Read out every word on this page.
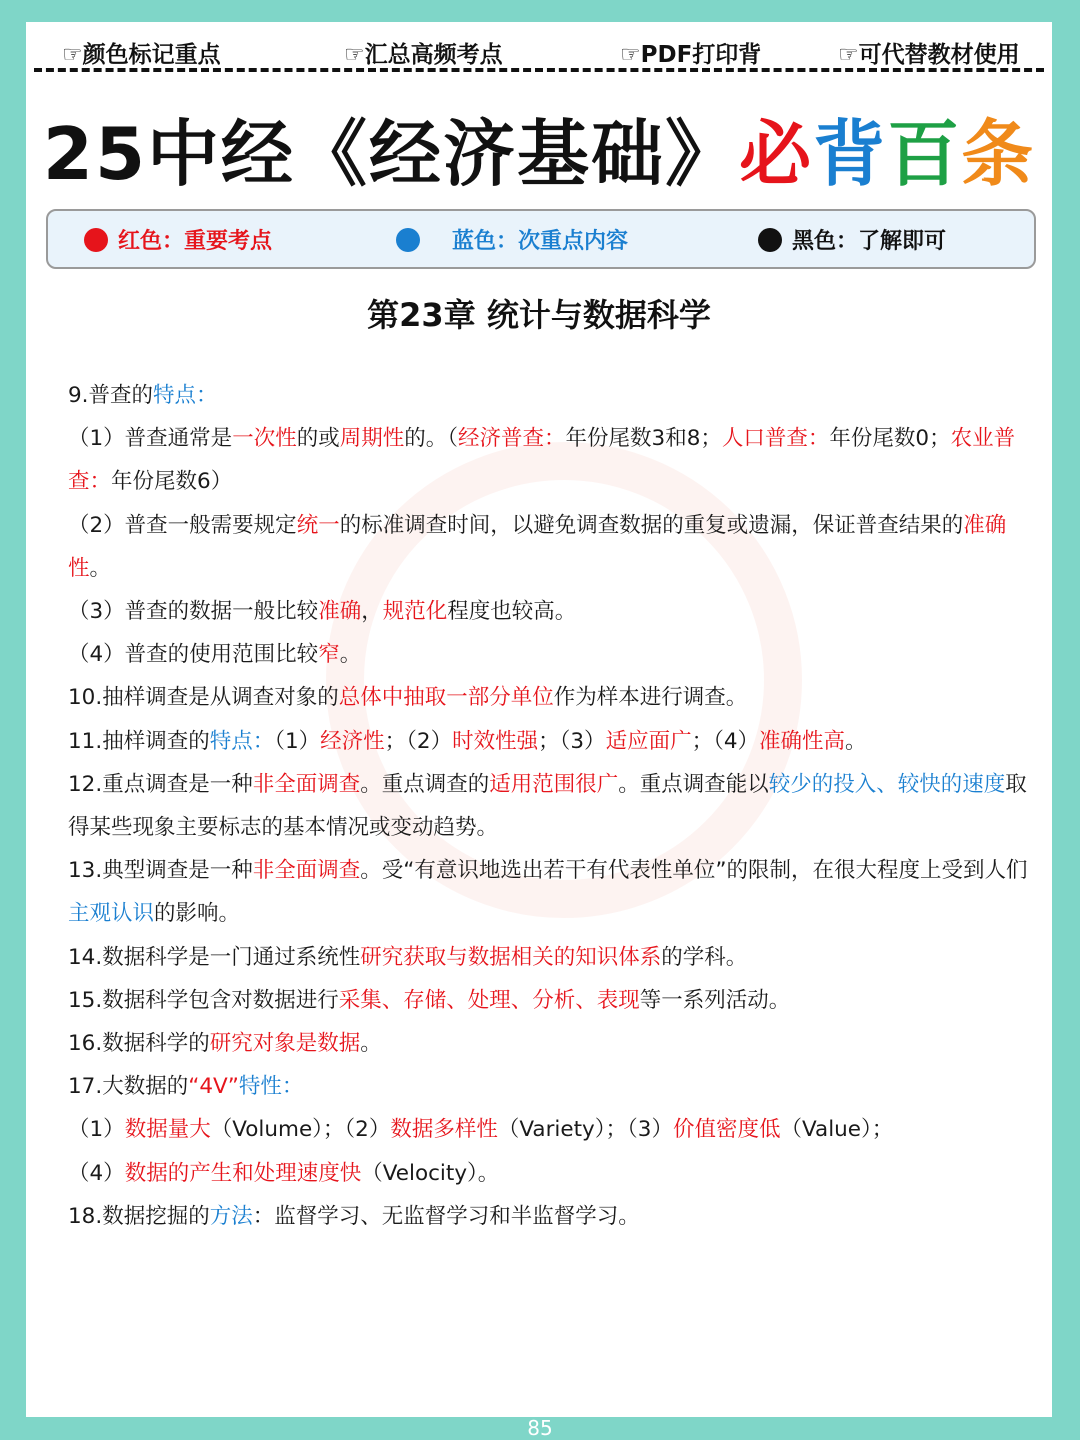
☞颜色标记重点	☞汇总高频考点	☞PDF打印背	☞可代替教材使用
25中经《经济基础》必背百条
红色：重要考点	蓝色：次重点内容	黑色：了解即可
第23章 统计与数据科学

9.普查的特点：

（1）普查通常是一次性的或周期性的。（经济普查：年份尾数3和8；人口普查：年份尾数0；农业普查：年份尾数6）

（2）普查一般需要规定统一的标准调查时间，以避免调查数据的重复或遗漏，保证普查结果的准确性。

（3）普查的数据一般比较准确，规范化程度也较高。

（4）普查的使用范围比较窄。

10.抽样调查是从调查对象的总体中抽取一部分单位作为样本进行调查。

11.抽样调查的特点：（1）经济性；（2）时效性强；（3）适应面广；（4）准确性高。

12.重点调查是一种非全面调查。重点调查的适用范围很广。重点调查能以较少的投入、较快的速度取得某些现象主要标志的基本情况或变动趋势。

13.典型调查是一种非全面调查。受“有意识地选出若干有代表性单位”的限制，在很大程度上受到人们主观认识的影响。

14.数据科学是一门通过系统性研究获取与数据相关的知识体系的学科。

15.数据科学包含对数据进行采集、存储、处理、分析、表现等一系列活动。

16.数据科学的研究对象是数据。

17.大数据的“4V”特性：

（1）数据量大（Volume）；（2）数据多样性（Variety）；（3）价值密度低（Value）；

（4）数据的产生和处理速度快（Velocity）。

18.数据挖掘的方法：监督学习、无监督学习和半监督学习。

85
